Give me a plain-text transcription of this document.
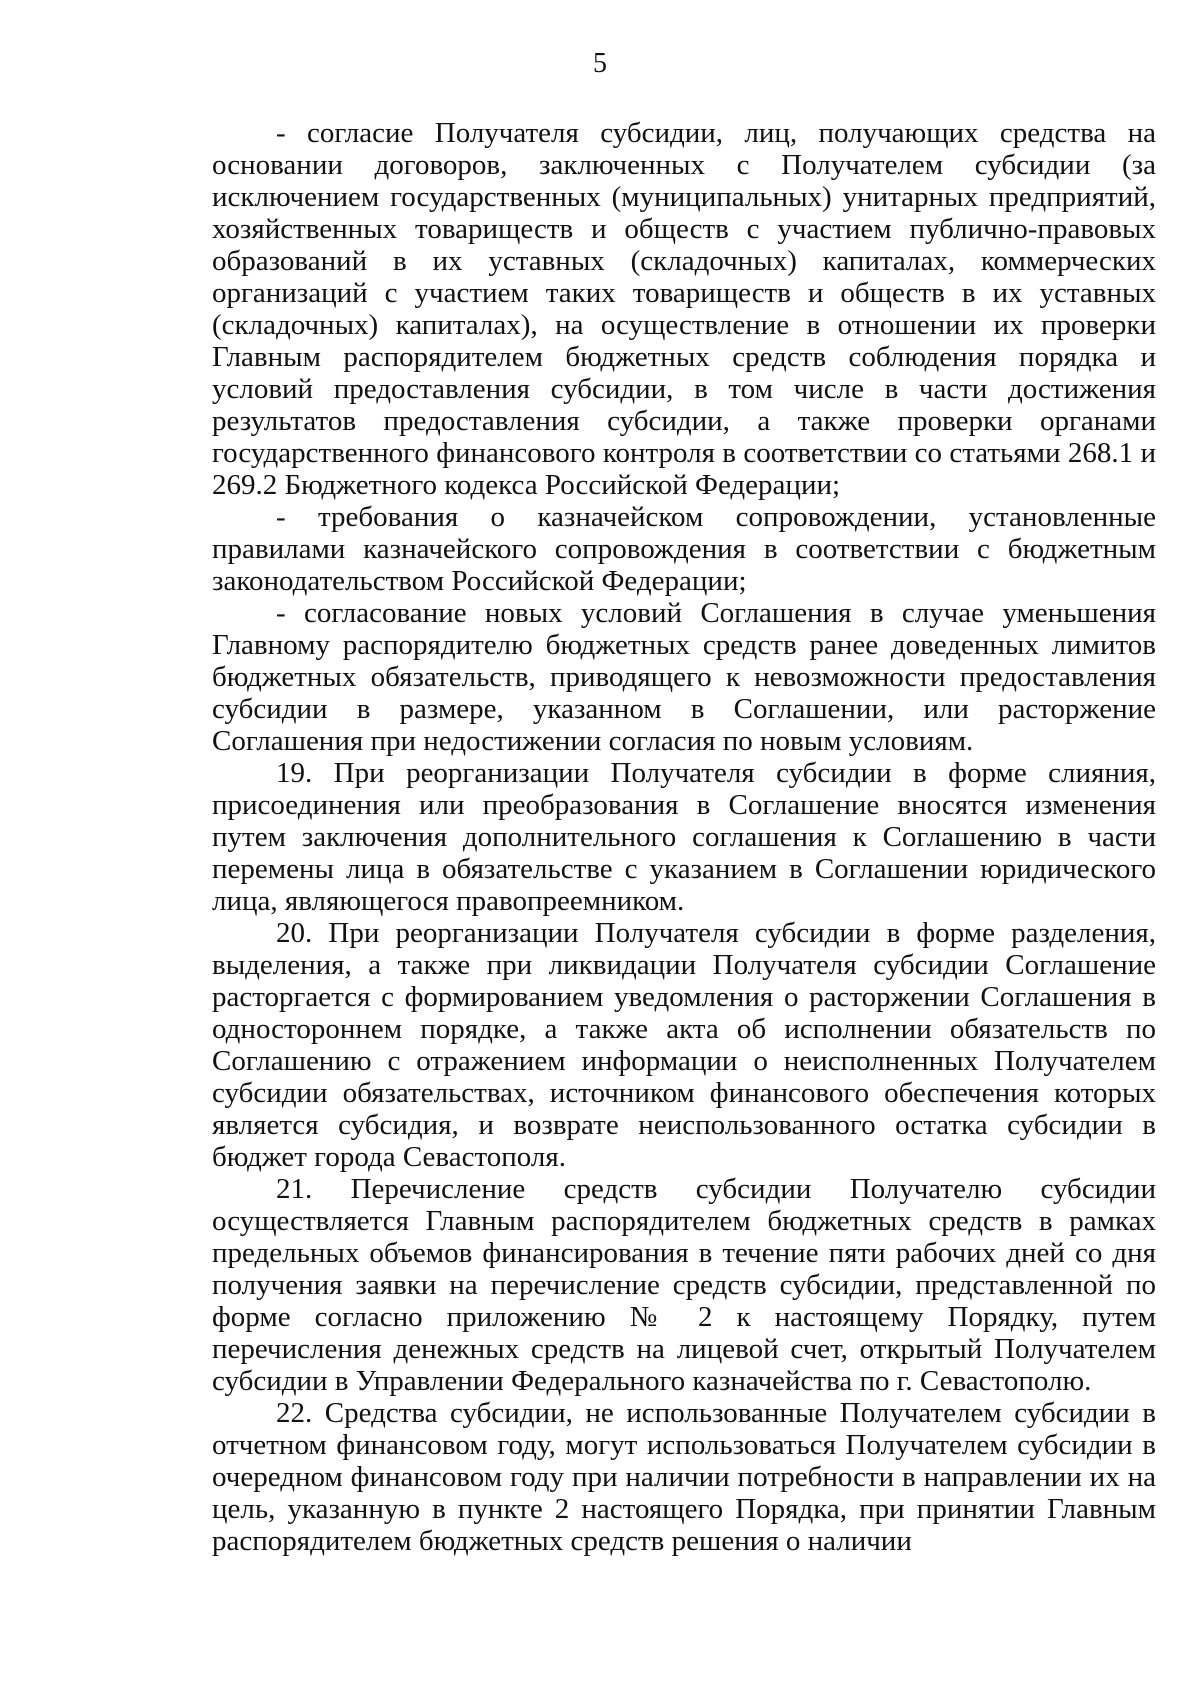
5

- согласие Получателя субсидии, лиц, получающих средства на основании договоров, заключенных с Получателем субсидии (за исключением государственных (муниципальных) унитарных предприятий, хозяйственных товариществ и обществ с участием публично-правовых образований в их уставных (складочных) капиталах, коммерческих организаций с участием таких товариществ и обществ в их уставных (складочных) капиталах), на осуществление в отношении их проверки Главным распорядителем бюджетных средств соблюдения порядка и условий предоставления субсидии, в том числе в части достижения результатов предоставления субсидии, а также проверки органами государственного финансового контроля в соответствии со статьями 268.1 и 269.2 Бюджетного кодекса Российской Федерации;

- требования о казначейском сопровождении, установленные правилами казначейского сопровождения в соответствии с бюджетным законодательством Российской Федерации;

- согласование новых условий Соглашения в случае уменьшения Главному распорядителю бюджетных средств ранее доведенных лимитов бюджетных обязательств, приводящего к невозможности предоставления субсидии в размере, указанном в Соглашении, или расторжение Соглашения при недостижении согласия по новым условиям.

19. При реорганизации Получателя субсидии в форме слияния, присоединения или преобразования в Соглашение вносятся изменения путем заключения дополнительного соглашения к Соглашению в части перемены лица в обязательстве с указанием в Соглашении юридического лица, являющегося правопреемником.

20. При реорганизации Получателя субсидии в форме разделения, выделения, а также при ликвидации Получателя субсидии Соглашение расторгается с формированием уведомления о расторжении Соглашения в одностороннем порядке, а также акта об исполнении обязательств по Соглашению с отражением информации о неисполненных Получателем субсидии обязательствах, источником финансового обеспечения которых является субсидия, и возврате неиспользованного остатка субсидии в бюджет города Севастополя.

21. Перечисление средств субсидии Получателю субсидии осуществляется Главным распорядителем бюджетных средств в рамках предельных объемов финансирования в течение пяти рабочих дней со дня получения заявки на перечисление средств субсидии, представленной по форме согласно приложению № 2 к настоящему Порядку, путем перечисления денежных средств на лицевой счет, открытый Получателем субсидии в Управлении Федерального казначейства по г. Севастополю.

22. Средства субсидии, не использованные Получателем субсидии в отчетном финансовом году, могут использоваться Получателем субсидии в очередном финансовом году при наличии потребности в направлении их на цель, указанную в пункте 2 настоящего Порядка, при принятии Главным распорядителем бюджетных средств решения о наличии
